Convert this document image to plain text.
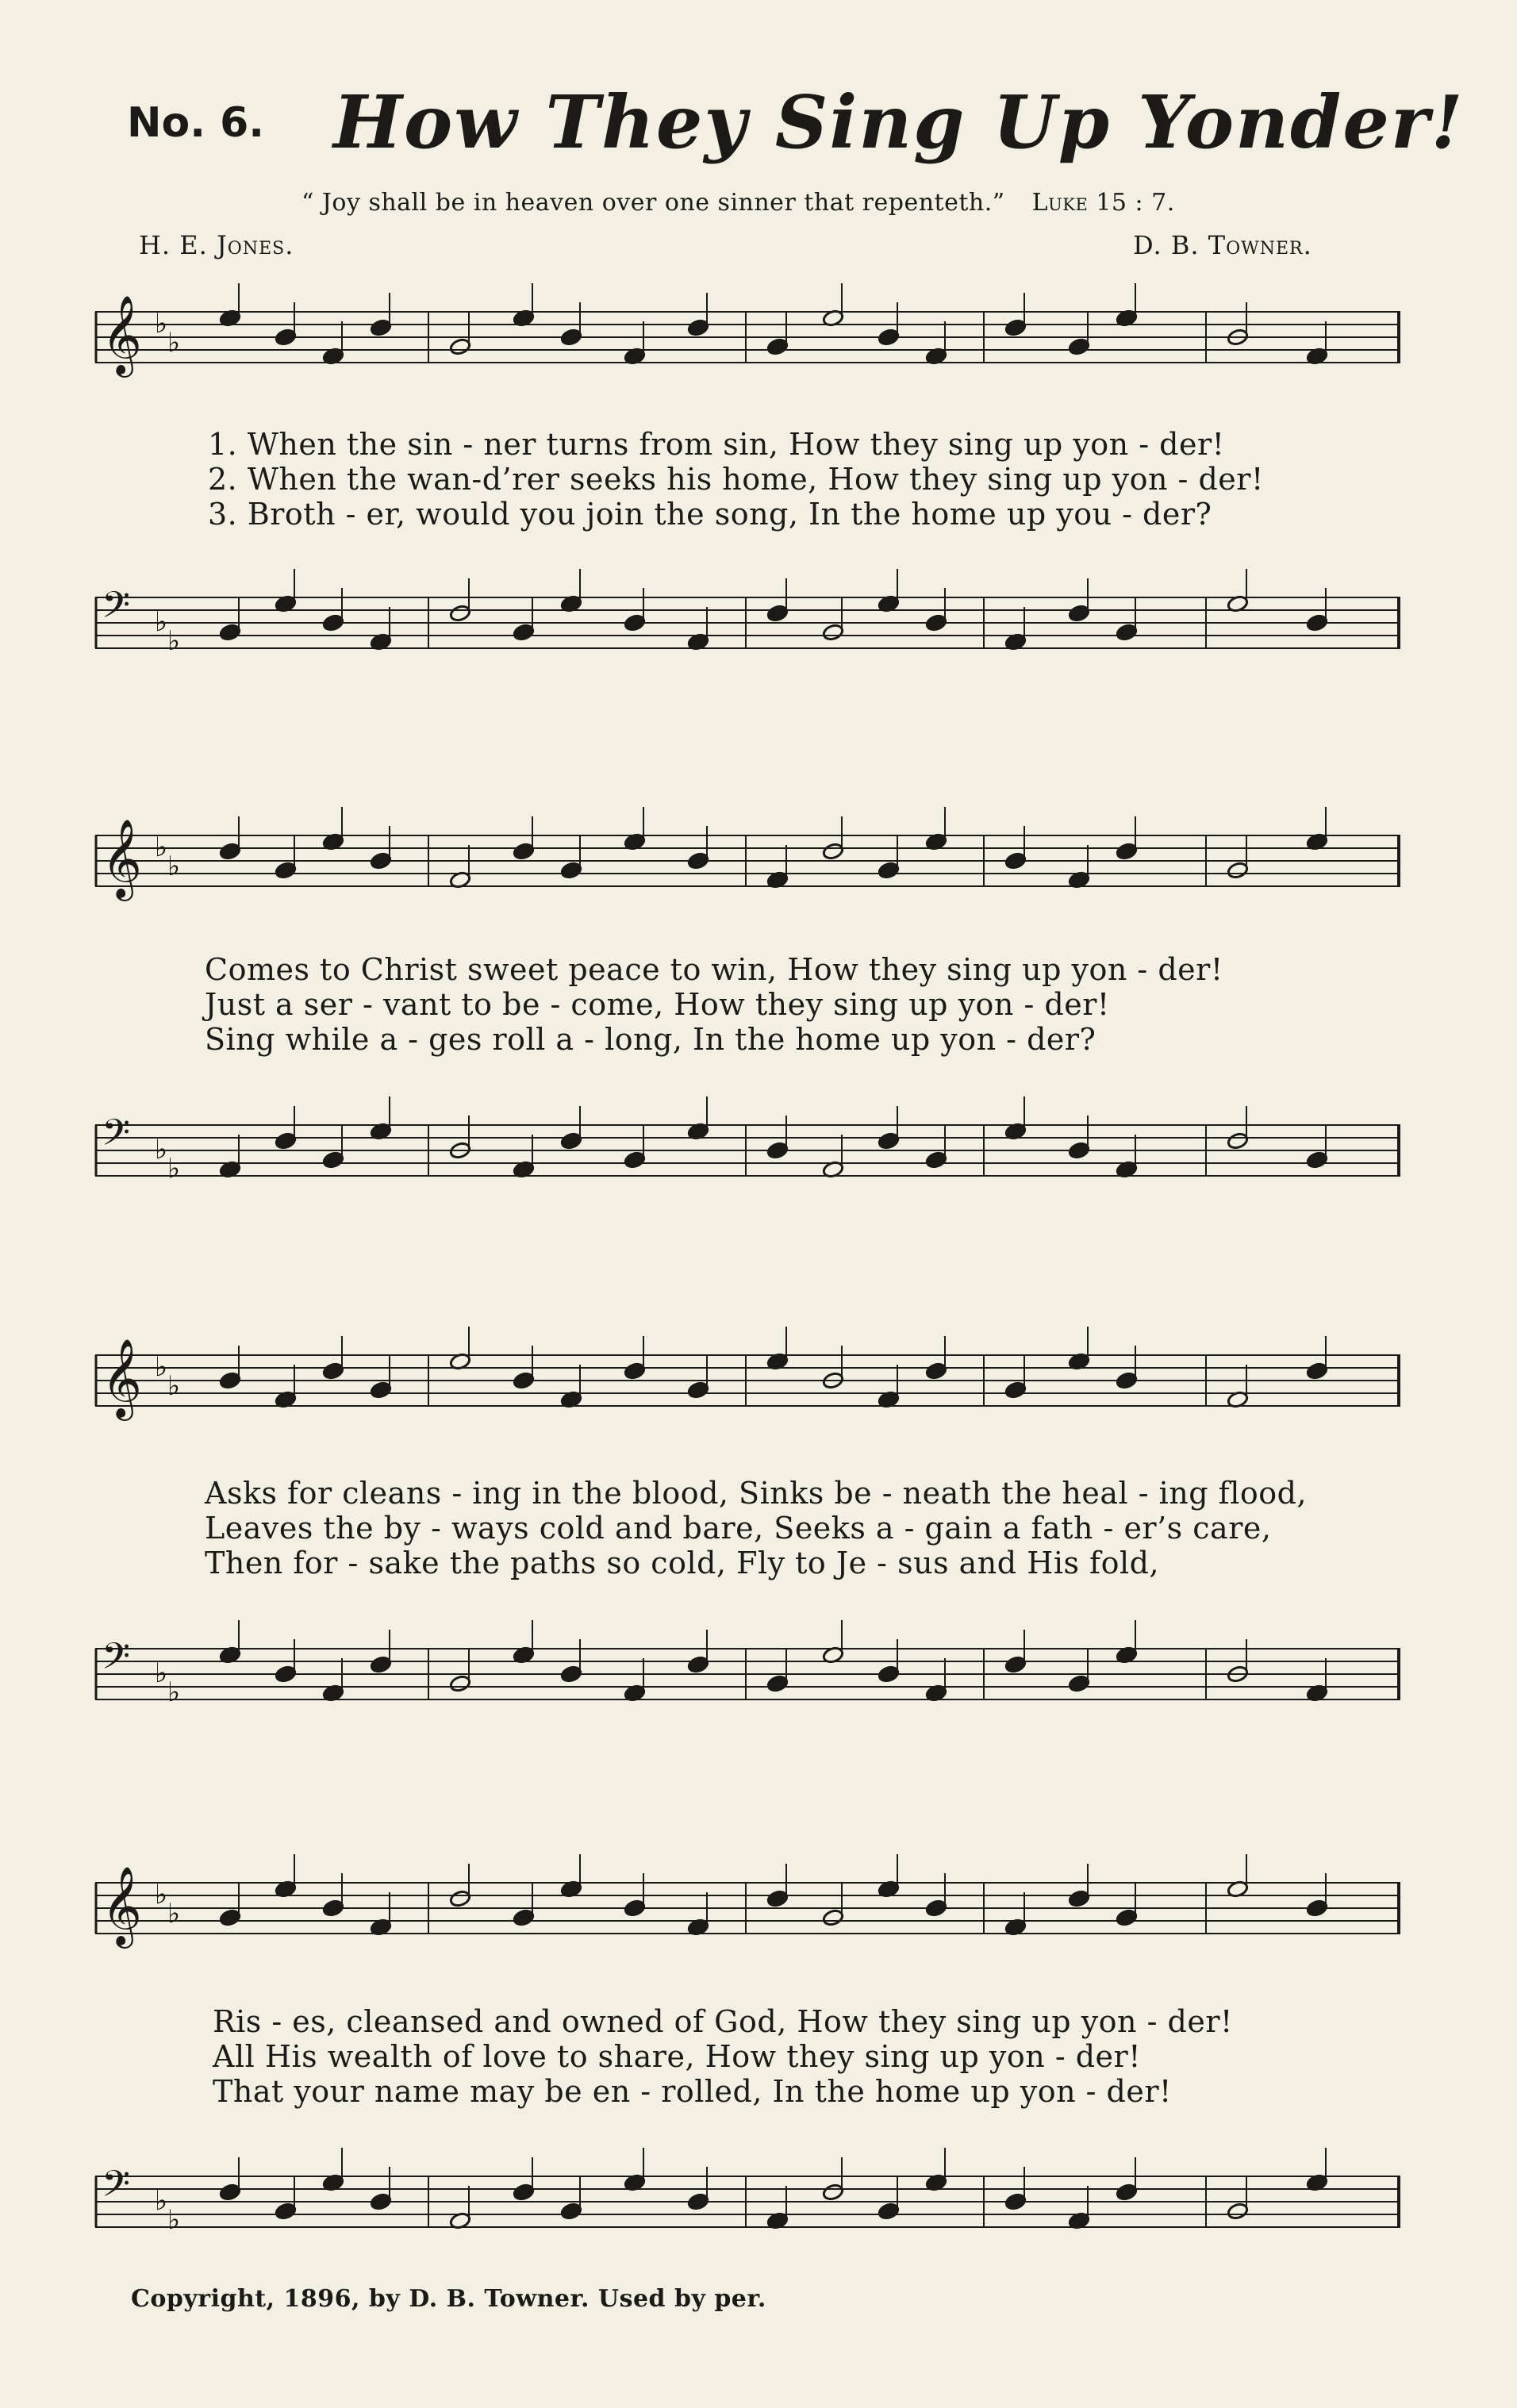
No. 6. How They Sing Up Yonder!
“ Joy shall be in heaven over one sinner that repenteth.” Luke 15 : 7.
H. E. Jones.	D. B. Towner.
𝄞 ♭
♭
1. When the sin - ner turns from sin, How they sing up yon - der!
2. When the wan-d’rer seeks his home, How they sing up yon - der!
3. Broth - er, would you join the song, In the home up you - der?
𝄢 ♭
♭
𝄞 ♭
♭
Comes to Christ sweet peace to win, How they sing up yon - der!
Just a ser - vant to be - come, How they sing up yon - der!
Sing while a - ges roll a - long, In the home up yon - der?
𝄢 ♭
♭
𝄞 ♭
♭
Asks for cleans - ing in the blood, Sinks be - neath the heal - ing flood,
Leaves the by - ways cold and bare, Seeks a - gain a fath - er’s care,
Then for - sake the paths so cold, Fly to Je - sus and His fold,
𝄢 ♭
♭
𝄞 ♭
♭
Ris - es, cleansed and owned of God, How they sing up yon - der!
All His wealth of love to share, How they sing up yon - der!
That your name may be en - rolled, In the home up yon - der!
𝄢 ♭
♭
Copyright, 1896, by D. B. Towner. Used by per.
